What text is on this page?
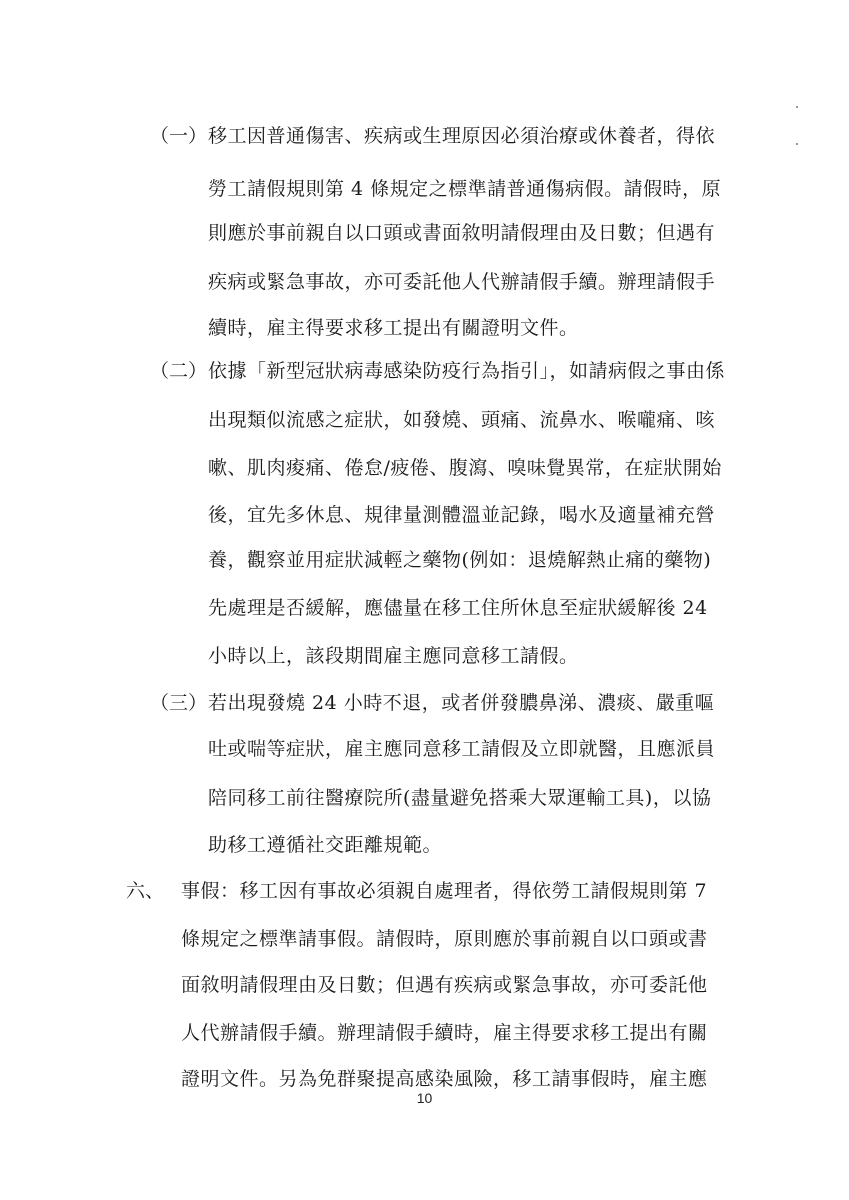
（一） 移工因普通傷害、疾病或生理原因必須治療或休養者，得依
勞工請假規則第 4 條規定之標準請普通傷病假。請假時，原
則應於事前親自以口頭或書面敘明請假理由及日數；但遇有
疾病或緊急事故，亦可委託他人代辦請假手續。辦理請假手
續時，雇主得要求移工提出有關證明文件。
（二） 依據「新型冠狀病毒感染防疫行為指引」，如請病假之事由係
出現類似流感之症狀，如發燒、頭痛、流鼻水、喉嚨痛、咳
嗽、肌肉痠痛、倦怠/疲倦、腹瀉、嗅味覺異常，在症狀開始
後，宜先多休息、規律量測體溫並記錄，喝水及適量補充營
養，觀察並用症狀減輕之藥物(例如：退燒解熱止痛的藥物)
先處理是否緩解，應儘量在移工住所休息至症狀緩解後 24
小時以上，該段期間雇主應同意移工請假。
（三） 若出現發燒 24 小時不退，或者併發膿鼻涕、濃痰、嚴重嘔
吐或喘等症狀，雇主應同意移工請假及立即就醫，且應派員
陪同移工前往醫療院所(盡量避免搭乘大眾運輸工具)，以協
助移工遵循社交距離規範。
六、 事假：移工因有事故必須親自處理者，得依勞工請假規則第 7
條規定之標準請事假。請假時，原則應於事前親自以口頭或書
面敘明請假理由及日數；但遇有疾病或緊急事故，亦可委託他
人代辦請假手續。辦理請假手續時，雇主得要求移工提出有關
證明文件。另為免群聚提高感染風險，移工請事假時，雇主應
10
